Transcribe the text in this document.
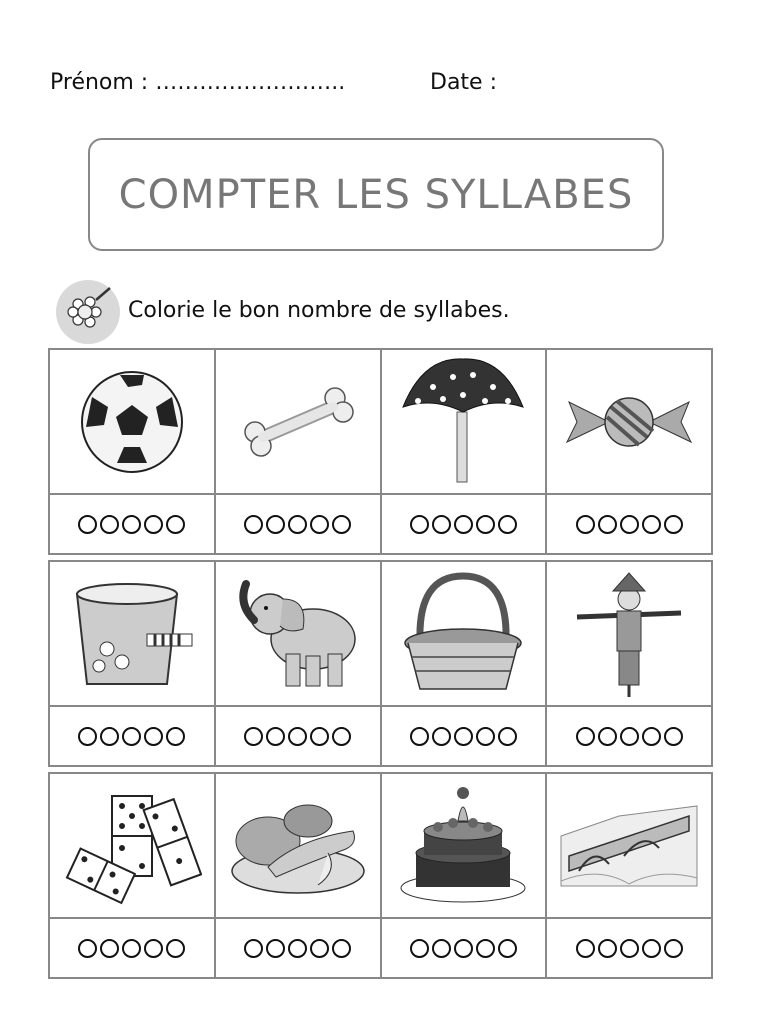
Prénom : ……………………..	Date :
COMPTER LES SYLLABES
Colorie le bon nombre de syllabes.
